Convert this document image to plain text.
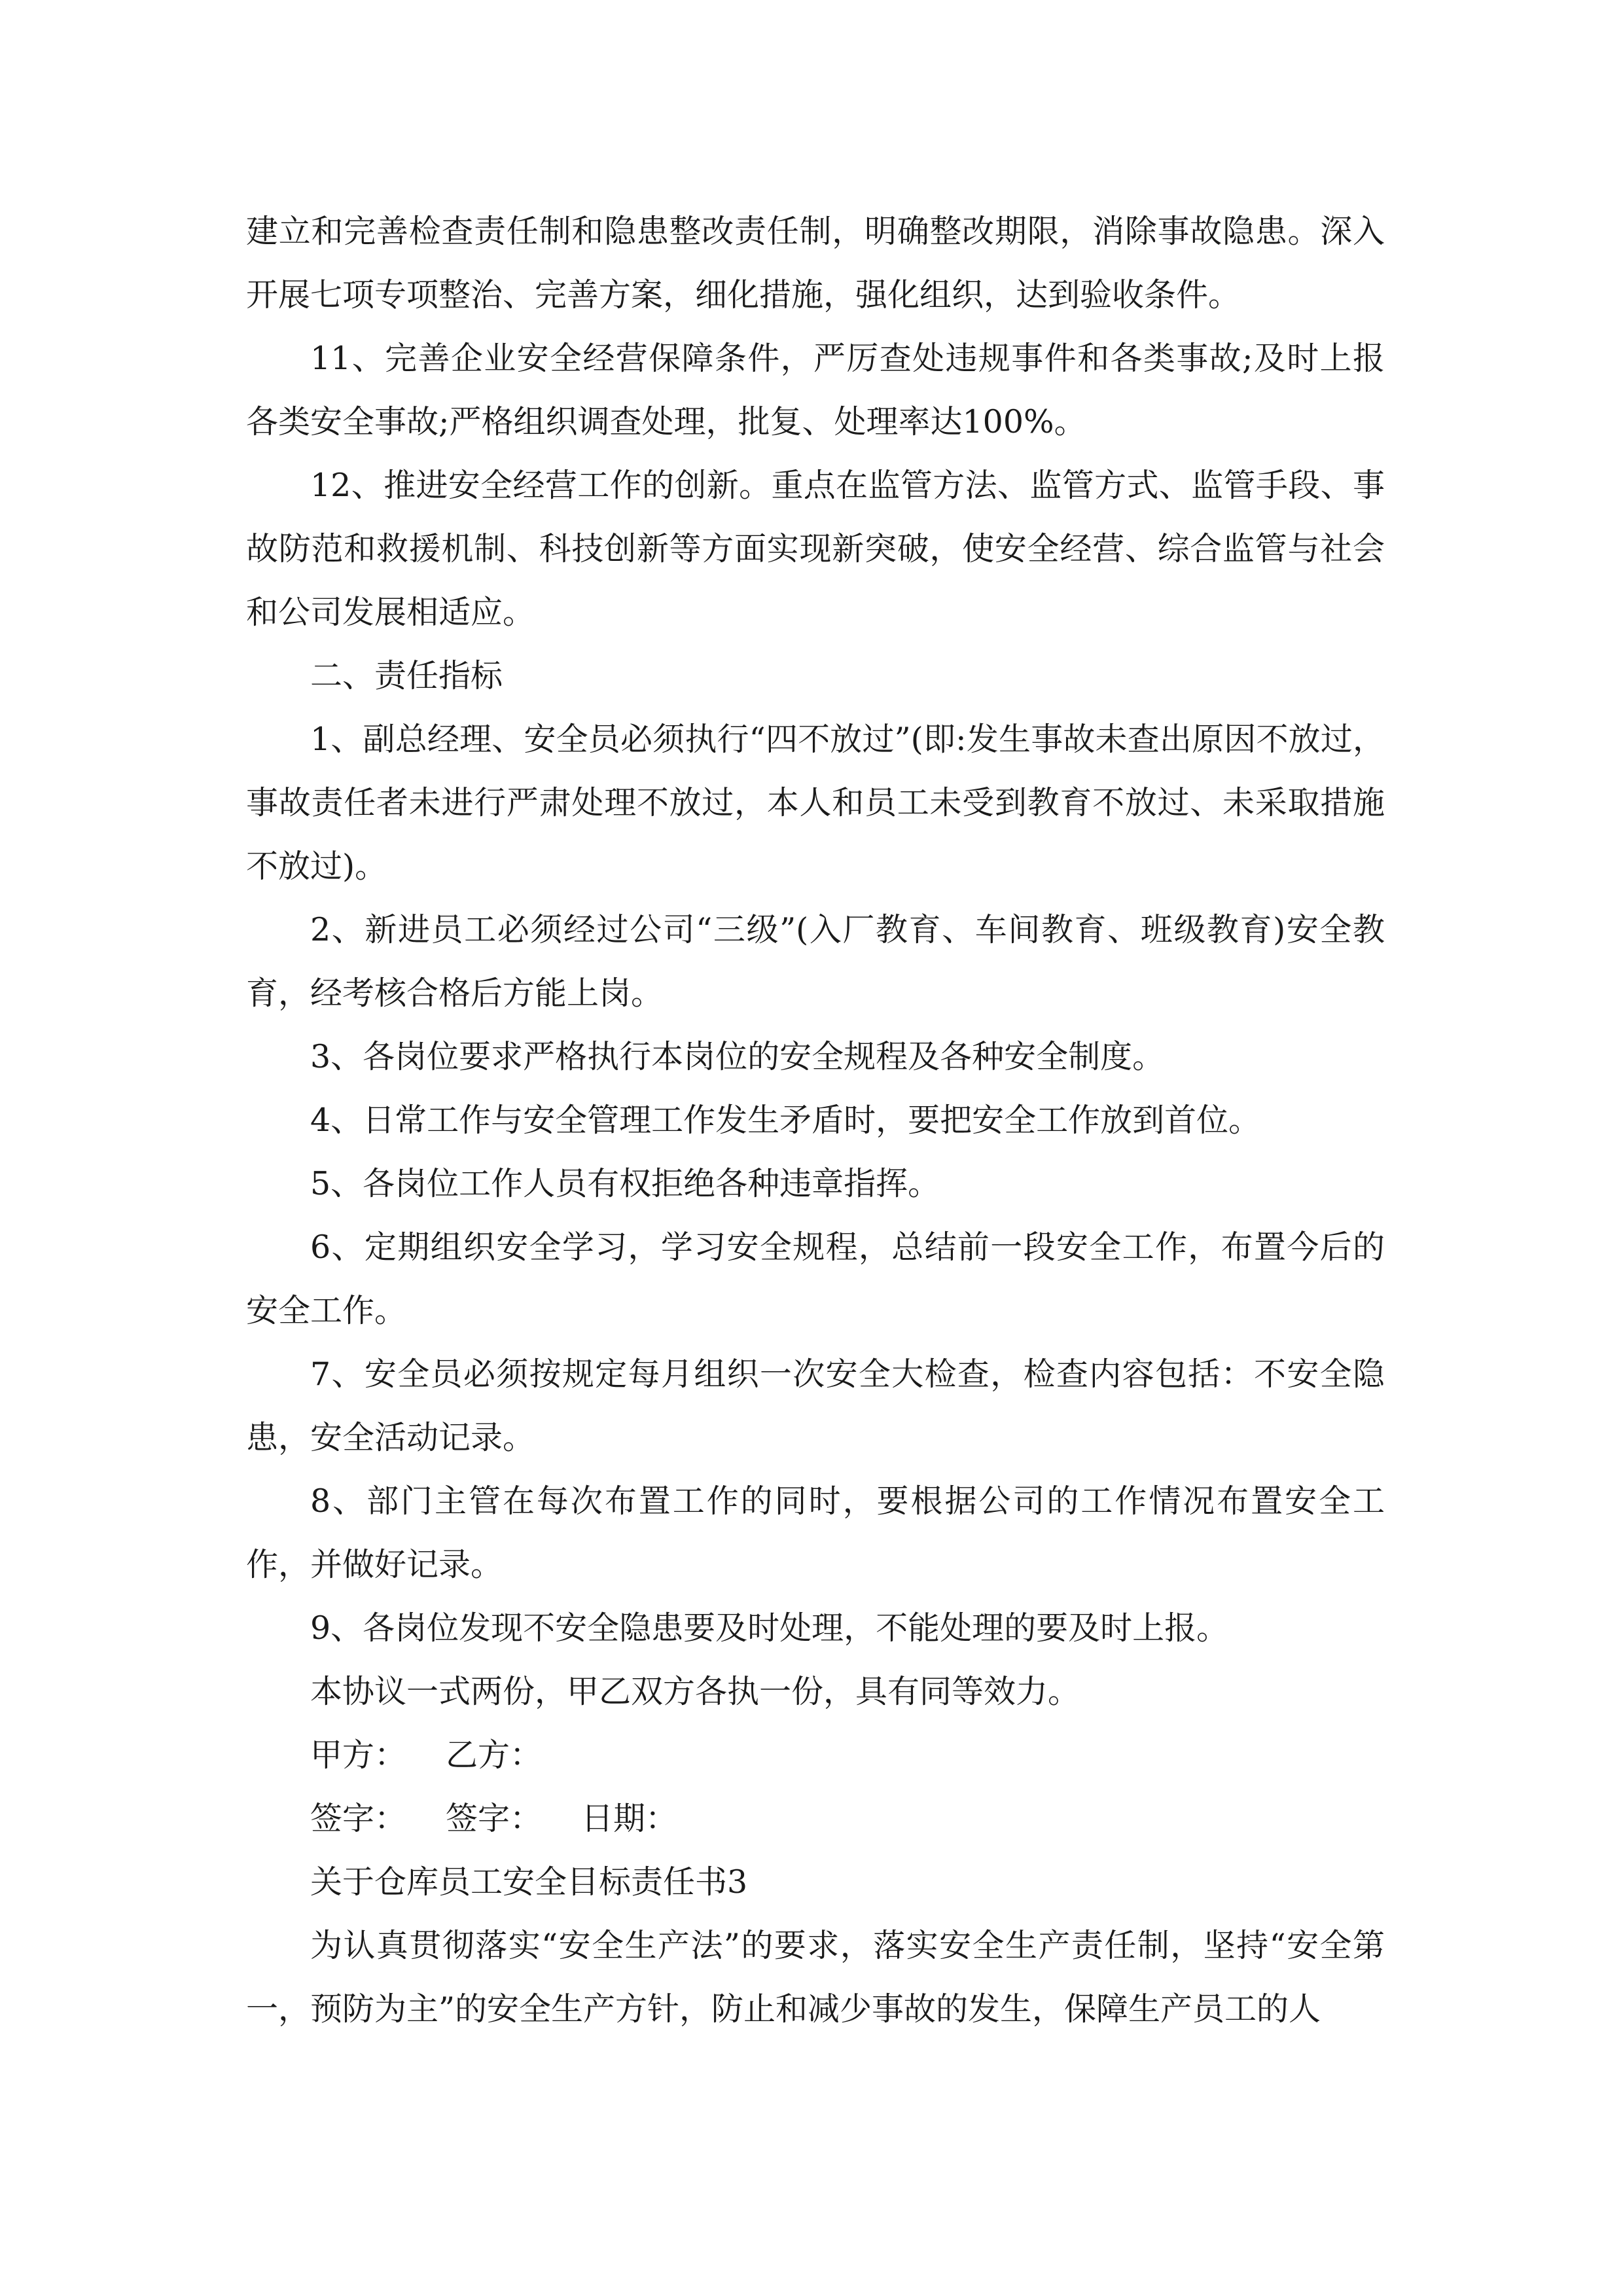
建立和完善检查责任制和隐患整改责任制，明确整改期限，消除事故隐患。深入开展七项专项整治、完善方案，细化措施，强化组织，达到验收条件。

11、完善企业安全经营保障条件，严厉查处违规事件和各类事故;及时上报各类安全事故;严格组织调查处理，批复、处理率达100%。

12、推进安全经营工作的创新。重点在监管方法、监管方式、监管手段、事故防范和救援机制、科技创新等方面实现新突破，使安全经营、综合监管与社会和公司发展相适应。

二、责任指标

1、副总经理、安全员必须执行“四不放过”(即:发生事故未查出原因不放过，事故责任者未进行严肃处理不放过，本人和员工未受到教育不放过、未采取措施不放过)。

2、新进员工必须经过公司“三级”(入厂教育、车间教育、班级教育)安全教育，经考核合格后方能上岗。

3、各岗位要求严格执行本岗位的安全规程及各种安全制度。

4、日常工作与安全管理工作发生矛盾时，要把安全工作放到首位。

5、各岗位工作人员有权拒绝各种违章指挥。

6、定期组织安全学习，学习安全规程，总结前一段安全工作，布置今后的安全工作。

7、安全员必须按规定每月组织一次安全大检查，检查内容包括：不安全隐患，安全活动记录。

8、部门主管在每次布置工作的同时，要根据公司的工作情况布置安全工作，并做好记录。

9、各岗位发现不安全隐患要及时处理，不能处理的要及时上报。

本协议一式两份，甲乙双方各执一份，具有同等效力。

甲方： 乙方：

签字： 签字： 日期：

关于仓库员工安全目标责任书3

为认真贯彻落实“安全生产法”的要求，落实安全生产责任制，坚持“安全第一，预防为主”的安全生产方针，防止和减少事故的发生，保障生产员工的人
